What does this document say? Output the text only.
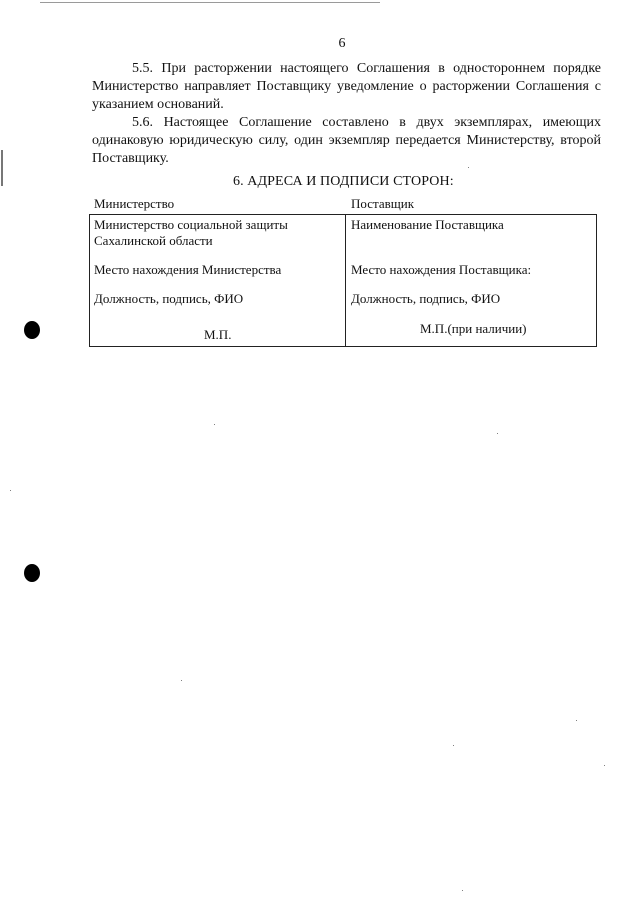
6
5.5. При расторжении настоящего Соглашения в одностороннем порядке
Министерство направляет Поставщику уведомление о расторжении Соглашения с
указанием оснований.
5.6. Настоящее Соглашение составлено в двух экземплярах, имеющих
одинаковую юридическую силу, один экземпляр передается Министерству, второй
Поставщику.
6. АДРЕСА И ПОДПИСИ СТОРОН:
Министерство	Поставщик
Министерство социальной защиты
Сахалинской области
Место нахождения Министерства
Должность, подпись, ФИО
М.П.
Наименование Поставщика
Место нахождения Поставщика:
Должность, подпись, ФИО
М.П.(при наличии)
